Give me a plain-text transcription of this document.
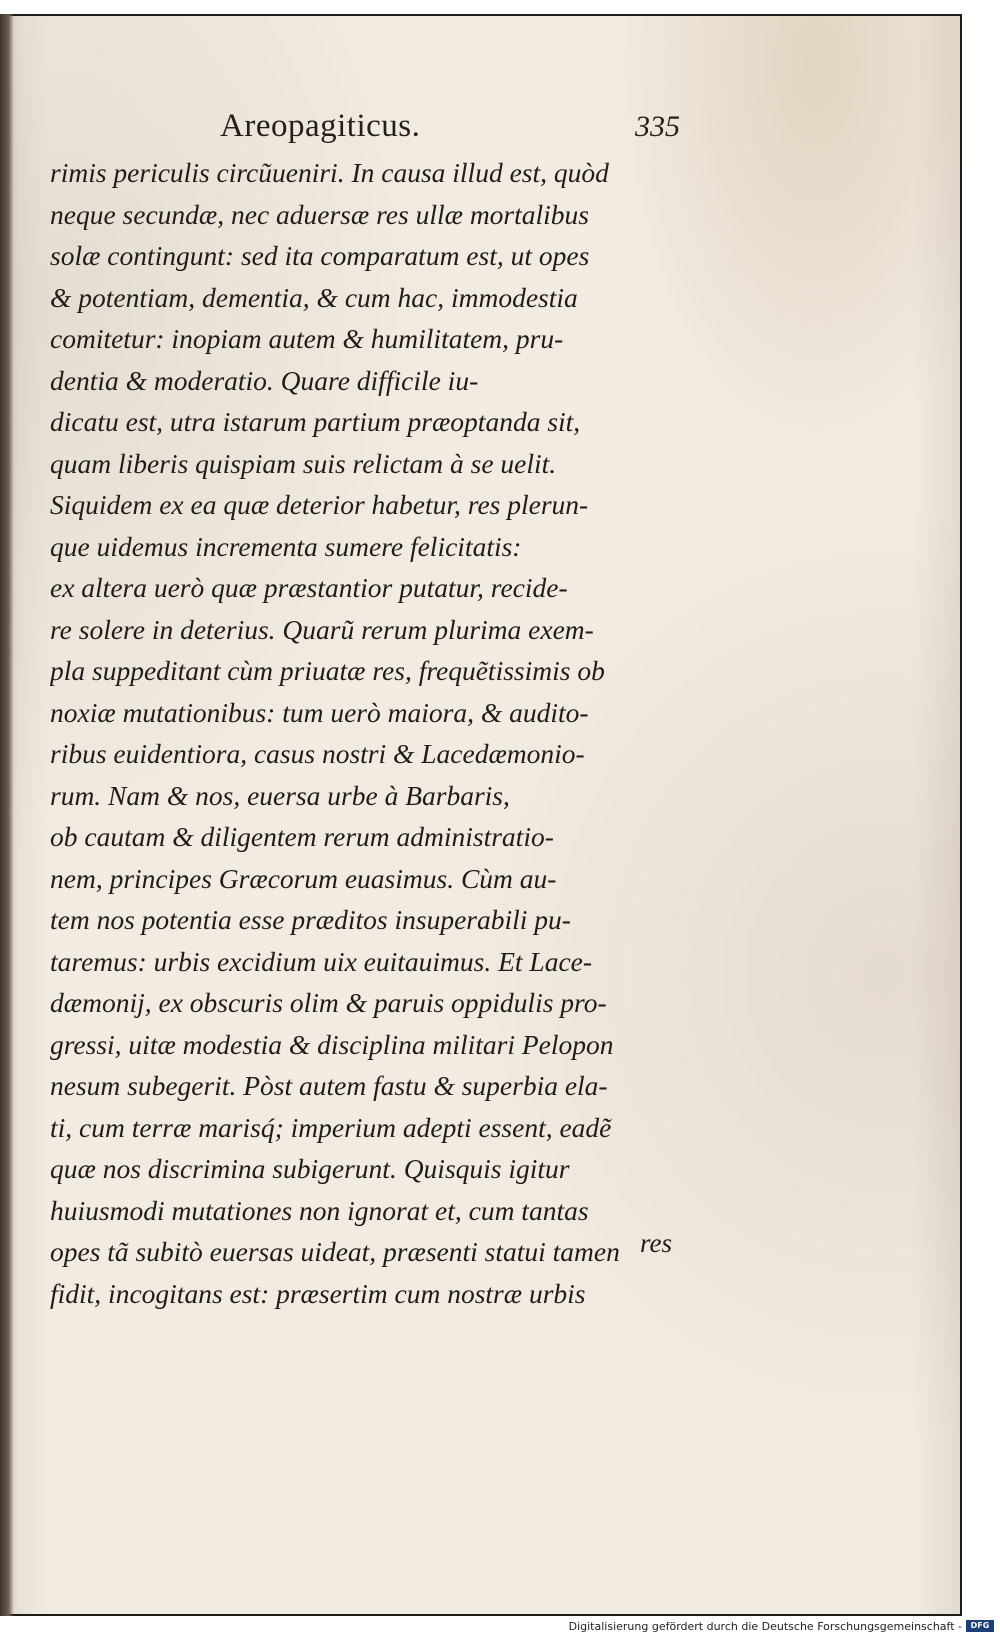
Areopagiticus.	335
rimis periculis circũueniri. In causa illud est, quòd
neque secundæ, nec aduersæ res ullæ mortalibus
solæ contingunt: sed ita comparatum est, ut opes
& potentiam, dementia, & cum hac, immodestia
comitetur: inopiam autem & humilitatem, pru-
dentia & moderatio. Quare difficile iu-
dicatu est, utra istarum partium præoptanda sit,
quam liberis quispiam suis relictam à se uelit.
Siquidem ex ea quæ deterior habetur, res plerun-
que uidemus incrementa sumere felicitatis:
ex altera uerò quæ præstantior putatur, recide-
re solere in deterius. Quarũ rerum plurima exem-
pla suppeditant cùm priuatæ res, frequẽtissimis ob
noxiæ mutationibus: tum uerò maiora, & audito-
ribus euidentiora, casus nostri & Lacedæmonio-
rum. Nam & nos, euersa urbe à Barbaris,
ob cautam & diligentem rerum administratio-
nem, principes Græcorum euasimus. Cùm au-
tem nos potentia esse præditos insuperabili pu-
taremus: urbis excidium uix euitauimus. Et Lace-
dæmonij, ex obscuris olim & paruis oppidulis pro-
gressi, uitæ modestia & disciplina militari Pelopon
nesum subegerit. Pòst autem fastu & superbia ela-
ti, cum terræ marisq́; imperium adepti essent, eadẽ
quæ nos discrimina subigerunt. Quisquis igitur
huiusmodi mutationes non ignorat et, cum tantas
opes tã subitò euersas uideat, præsenti statui tamen
fidit, incogitans est: præsertim cum nostræ urbis
res
Digitalisierung gefördert durch die Deutsche Forschungsgemeinschaft -	DFG
